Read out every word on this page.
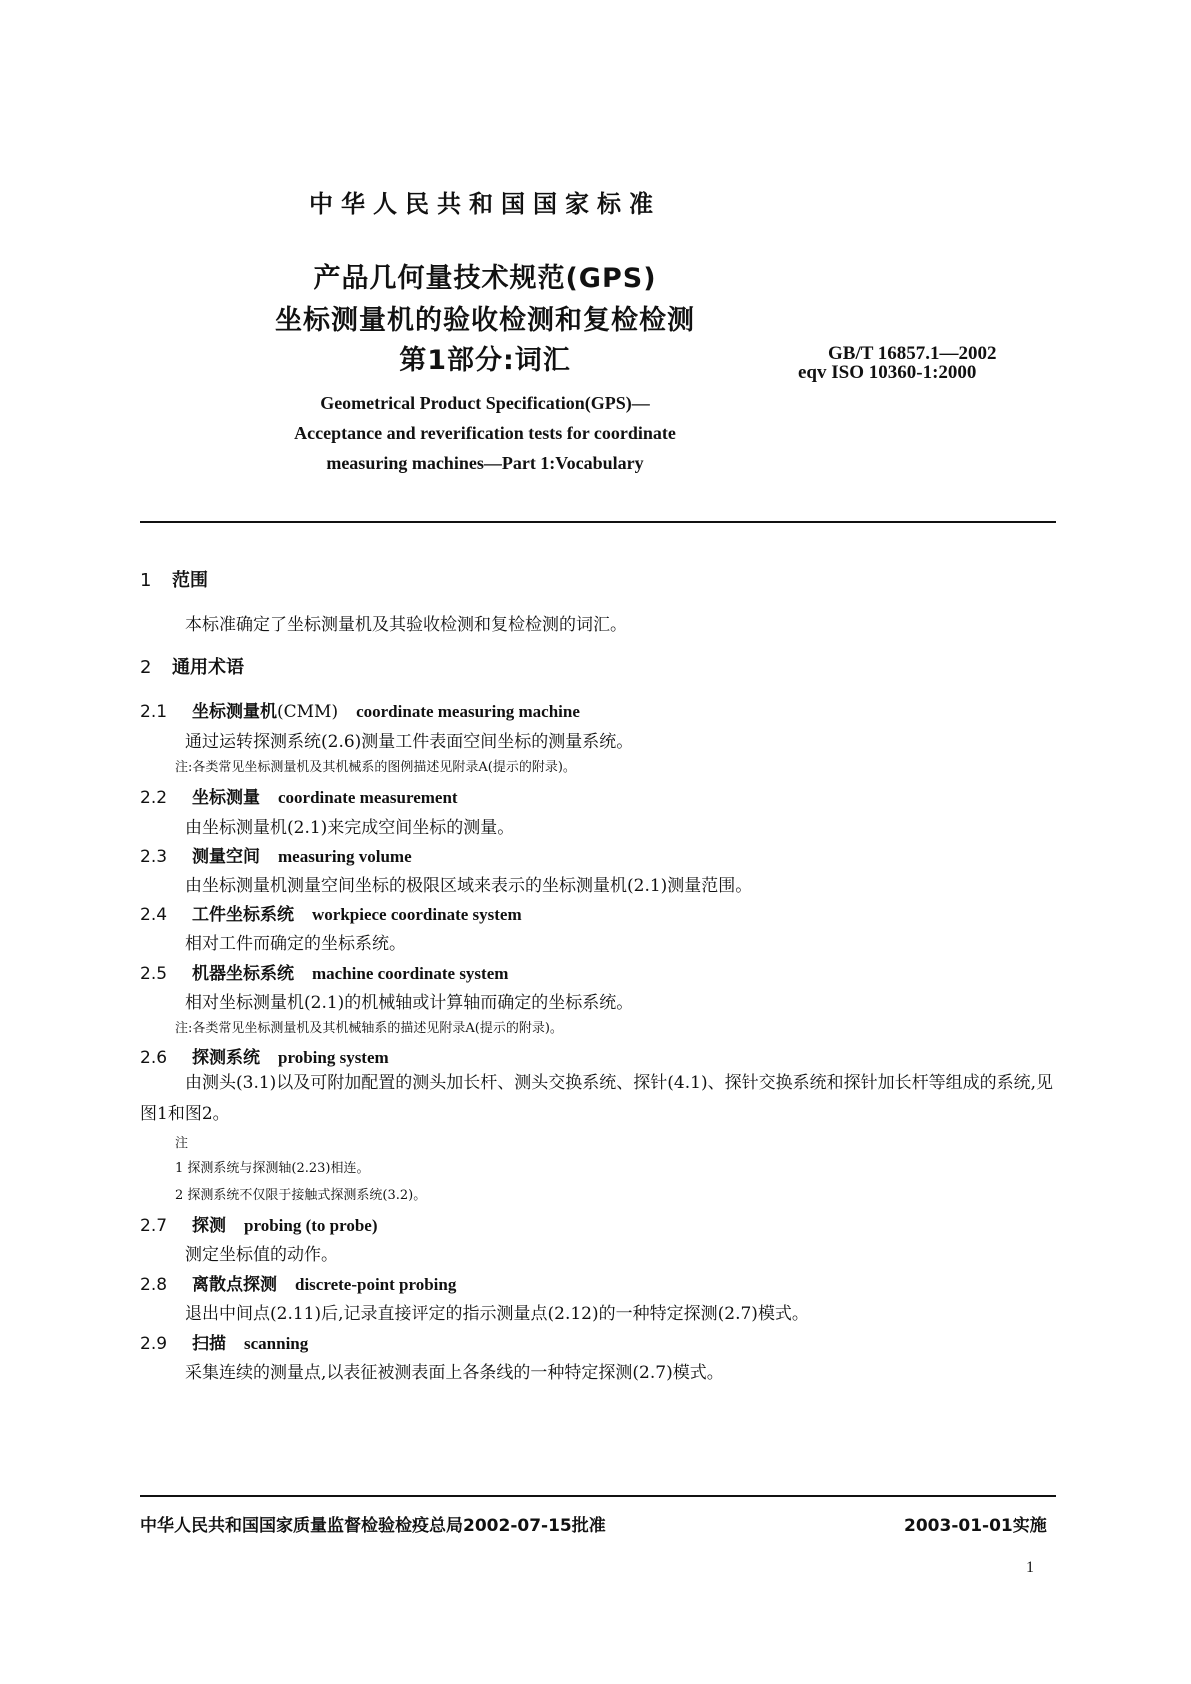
中华人民共和国国家标准
产品几何量技术规范(GPS)
坐标测量机的验收检测和复检检测
第1部分:词汇	GB/T 16857.1—2002
eqv ISO 10360-1:2000
Geometrical Product Specification(GPS)—
Acceptance and reverification tests for coordinate
measuring machines—Part 1:Vocabulary
1 范围
本标准确定了坐标测量机及其验收检测和复检检测的词汇。
2 通用术语
2.1 坐标测量机(CMM) coordinate measuring machine
通过运转探测系统(2.6)测量工件表面空间坐标的测量系统。
注:各类常见坐标测量机及其机械系的图例描述见附录A(提示的附录)。
2.2 坐标测量 coordinate measurement
由坐标测量机(2.1)来完成空间坐标的测量。
2.3 测量空间 measuring volume
由坐标测量机测量空间坐标的极限区域来表示的坐标测量机(2.1)测量范围。
2.4 工件坐标系统 workpiece coordinate system
相对工件而确定的坐标系统。
2.5 机器坐标系统 machine coordinate system
相对坐标测量机(2.1)的机械轴或计算轴而确定的坐标系统。
注:各类常见坐标测量机及其机械轴系的描述见附录A(提示的附录)。
2.6 探测系统 probing system
由测头(3.1)以及可附加配置的测头加长杆、测头交换系统、探针(4.1)、探针交换系统和探针加长杆等组成的系统,见图1和图2。
注
1 探测系统与探测轴(2.23)相连。
2 探测系统不仅限于接触式探测系统(3.2)。
2.7 探测 probing (to probe)
测定坐标值的动作。
2.8 离散点探测 discrete-point probing
退出中间点(2.11)后,记录直接评定的指示测量点(2.12)的一种特定探测(2.7)模式。
2.9 扫描 scanning
采集连续的测量点,以表征被测表面上各条线的一种特定探测(2.7)模式。
中华人民共和国国家质量监督检验检疫总局2002-07-15批准	2003-01-01实施
1
